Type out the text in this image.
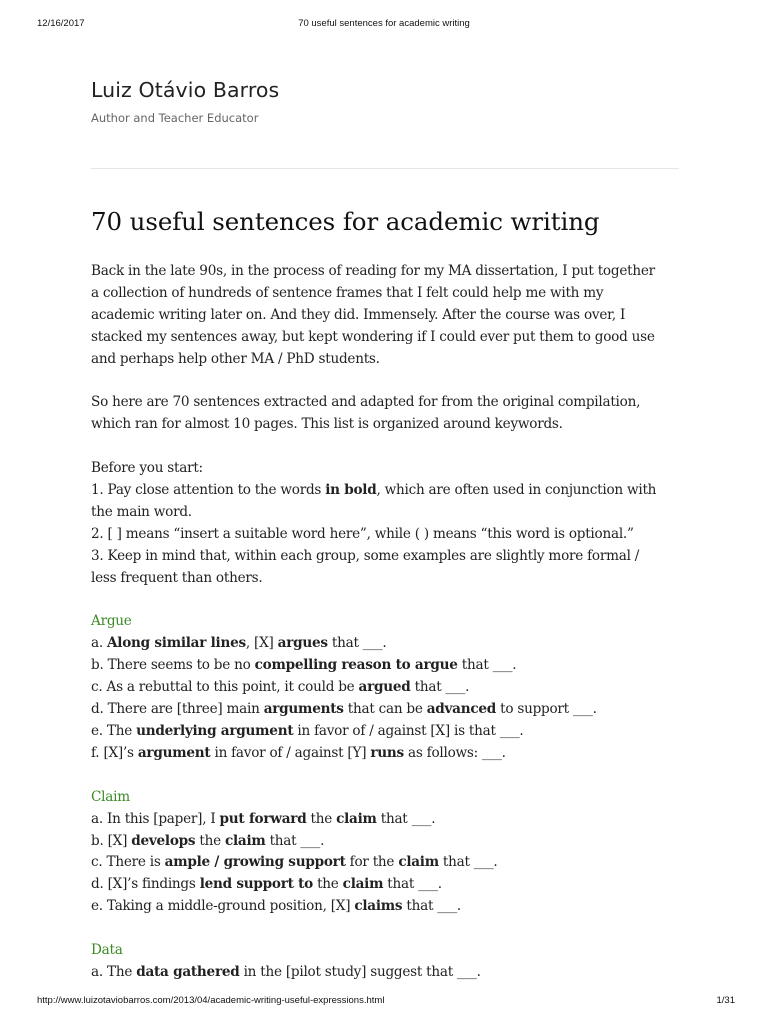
12/16/2017	70 useful sentences for academic writing
Luiz Otávio Barros
Author and Teacher Educator
70 useful sentences for academic writing

Back in the late 90s, in the process of reading for my MA dissertation, I put together
a collection of hundreds of sentence frames that I felt could help me with my
academic writing later on. And they did. Immensely. After the course was over, I
stacked my sentences away, but kept wondering if I could ever put them to good use
and perhaps help other MA / PhD students.

So here are 70 sentences extracted and adapted for from the original compilation,
which ran for almost 10 pages. This list is organized around keywords.

Before you start:
1. Pay close attention to the words in bold, which are often used in conjunction with
the main word.
2. [ ] means “insert a suitable word here”, while ( ) means “this word is optional.”
3. Keep in mind that, within each group, some examples are slightly more formal /
less frequent than others.

Argue
a. Along similar lines, [X] argues that ___.
b. There seems to be no compelling reason to argue that ___.
c. As a rebuttal to this point, it could be argued that ___.
d. There are [three] main arguments that can be advanced to support ___.
e. The underlying argument in favor of / against [X] is that ___.
f. [X]’s argument in favor of / against [Y] runs as follows: ___.
Claim
a. In this [paper], I put forward the claim that ___.
b. [X] develops the claim that ___.
c. There is ample / growing support for the claim that ___.
d. [X]’s findings lend support to the claim that ___.
e. Taking a middle-ground position, [X] claims that ___.
Data
a. The data gathered in the [pilot study] suggest that ___.
http://www.luizotaviobarros.com/2013/04/academic-writing-useful-expressions.html	1/31
